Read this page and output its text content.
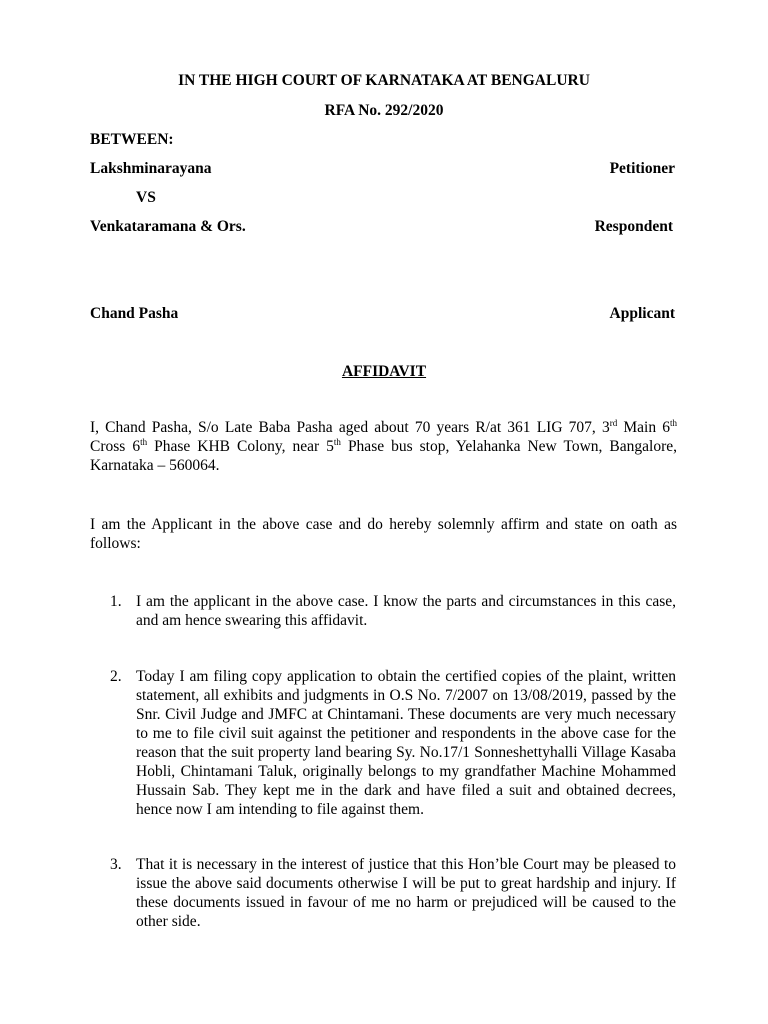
IN THE HIGH COURT OF KARNATAKA AT BENGALURU
RFA No. 292/2020
BETWEEN:
Lakshminarayana	Petitioner
VS
Venkataramana & Ors.	Respondent
Chand Pasha	Applicant
AFFIDAVIT
I, Chand Pasha, S/o Late Baba Pasha aged about 70 years R/at 361 LIG 707, 3rd Main 6th Cross 6th Phase KHB Colony, near 5th Phase bus stop, Yelahanka New Town, Bangalore, Karnataka – 560064.
I am the Applicant in the above case and do hereby solemnly affirm and state on oath as follows:
1. I am the applicant in the above case. I know the parts and circumstances in this case, and am hence swearing this affidavit.
2. Today I am filing copy application to obtain the certified copies of the plaint, written statement, all exhibits and judgments in O.S No. 7/2007 on 13/08/2019, passed by the Snr. Civil Judge and JMFC at Chintamani. These documents are very much necessary to me to file civil suit against the petitioner and respondents in the above case for the reason that the suit property land bearing Sy. No.17/1 Sonneshettyhalli Village Kasaba Hobli, Chintamani Taluk, originally belongs to my grandfather Machine Mohammed Hussain Sab. They kept me in the dark and have filed a suit and obtained decrees, hence now I am intending to file against them.
3. That it is necessary in the interest of justice that this Hon’ble Court may be pleased to issue the above said documents otherwise I will be put to great hardship and injury. If these documents issued in favour of me no harm or prejudiced will be caused to the other side.
